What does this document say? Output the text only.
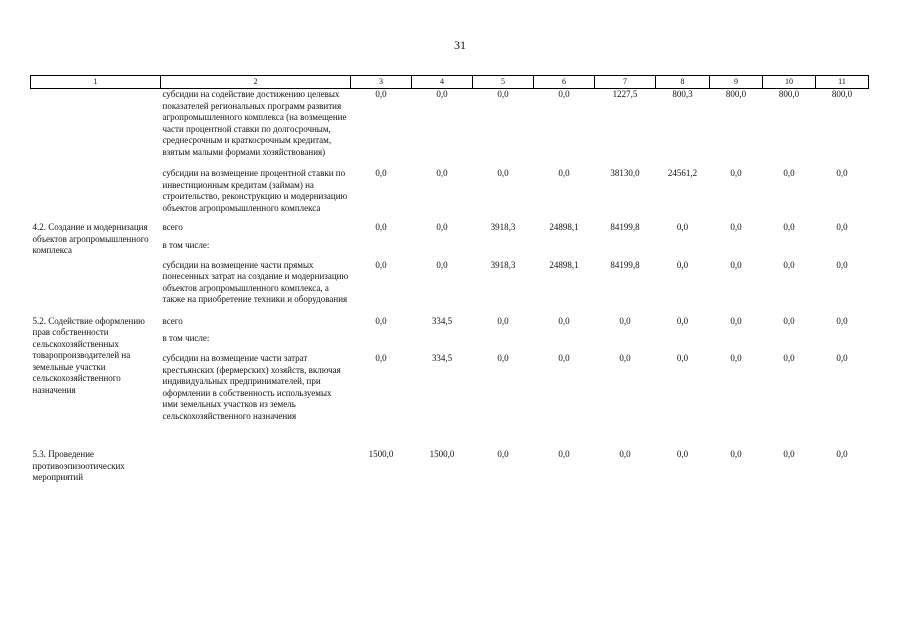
31
1	2	3	4	5	6	7	8	9	10	11
	субсидии на содействие достижению целевых показателей региональных программ развития агропромышленного комплекса (на возмещение части процентной ставки по долгосрочным, среднесрочным и краткосрочным кредитам, взятым малыми формами хозяйствования)	0,0	0,0	0,0	0,0	1227,5	800,3	800,0	800,0	800,0

	субсидии на возмещение процентной ставки по инвестиционным кредитам (займам) на строительство, реконструкцию и модернизацию объектов агропромышленного комплекса	0,0	0,0	0,0	0,0	38130,0	24561,2	0,0	0,0	0,0

4.2. Создание и модернизация объектов агропромышленного комплекса	всего	0,0	0,0	3918,3	24898,1	84199,8	0,0	0,0	0,0	0,0
	в том числе:									
	субсидии на возмещение части прямых понесенных затрат на создание и модернизацию объектов агропромышленного комплекса, а также на приобретение техники и оборудования	0,0	0,0	3918,3	24898,1	84199,8	0,0	0,0	0,0	0,0

5.2. Содействие оформлению прав собственности сельскохозяйственных товаропроизводителей на земельные участки сельскохозяйственного назначения	всего	0,0	334,5	0,0	0,0	0,0	0,0	0,0	0,0	0,0
	в том числе:									
	субсидии на возмещение части затрат крестьянских (фермерских) хозяйств, включая индивидуальных предпринимателей, при оформлении в собственность используемых ими земельных участков из земель сельскохозяйственного назначения	0,0	334,5	0,0	0,0	0,0	0,0	0,0	0,0	0,0

5.3. Проведение противоэпизоотических мероприятий		1500,0	1500,0	0,0	0,0	0,0	0,0	0,0	0,0	0,0
